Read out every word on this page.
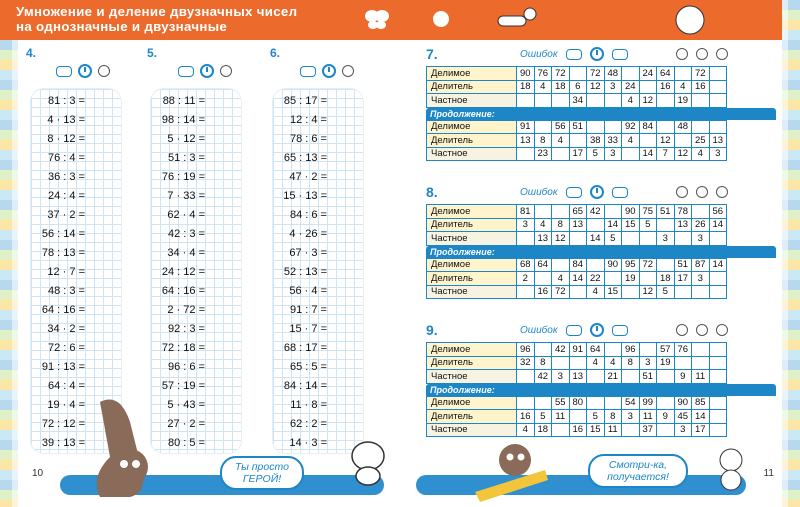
Умножение и деление двузначных чисел
на однозначные и двузначные
4.
81 : 3 =
4 · 13 =
8 · 12 =
76 : 4 =
36 : 3 =
24 : 4 =
37 · 2 =
56 : 14 =
78 : 13 =
12 · 7 =
48 : 3 =
64 : 16 =
34 · 2 =
72 : 6 =
91 : 13 =
64 : 4 =
19 · 4 =
72 : 12 =
39 : 13 =
5.
88 : 11 =
98 : 14 =
5 · 12 =
51 : 3 =
76 : 19 =
7 · 33 =
62 · 4 =
42 : 3 =
34 · 4 =
24 : 12 =
64 : 16 =
2 · 72 =
92 : 3 =
72 : 18 =
96 : 6 =
57 : 19 =
5 · 43 =
27 · 2 =
80 : 5 =
6.
85 : 17 =
12 : 4 =
78 : 6 =
65 : 13 =
47 · 2 =
15 · 13 =
84 : 6 =
4 · 26 =
67 · 3 =
52 : 13 =
56 · 4 =
91 : 7 =
15 · 7 =
68 : 17 =
65 : 5 =
84 : 14 =
11 · 8 =
62 : 2 =
14 · 3 =
Ты просто
ГЕРОЙ!
10
7.	Ошибок
Делимое	90	76	72		72	48		24	64		72	
Делитель	18	4	18	6	12	3	24		16	4	16	
Частное				34			4	12		19		
Продолжение:
Делимое	91		56	51			92	84		48		
Делитель	13	8	4		38	33	4		12		25	13
Частное		23		17	5	3		14	7	12	4	3
8.	Ошибок
Делимое	81			65	42		90	75	51	78		56
Делитель	3	4	8	13		14	15	5		13	26	14
Частное		13	12		14	5			3		3	
Продолжение:
Делимое	68	64		84		90	95	72		51	87	14
Делитель	2		4	14	22		19		18	17	3	
Частное		16	72		4	15		12	5			
9.	Ошибок
Делимое	96		42	91	64		96		57	76		
Делитель	32	8			4	4	8	3	19			
Частное		42	3	13		21		51		9	11	
Продолжение:
Делимое			55	80			54	99		90	85	
Делитель	16	5	11		5	8	3	11	9	45	14	
Частное	4	18		16	15	11		37		3	17	
Смотри-ка,
получается!	11
